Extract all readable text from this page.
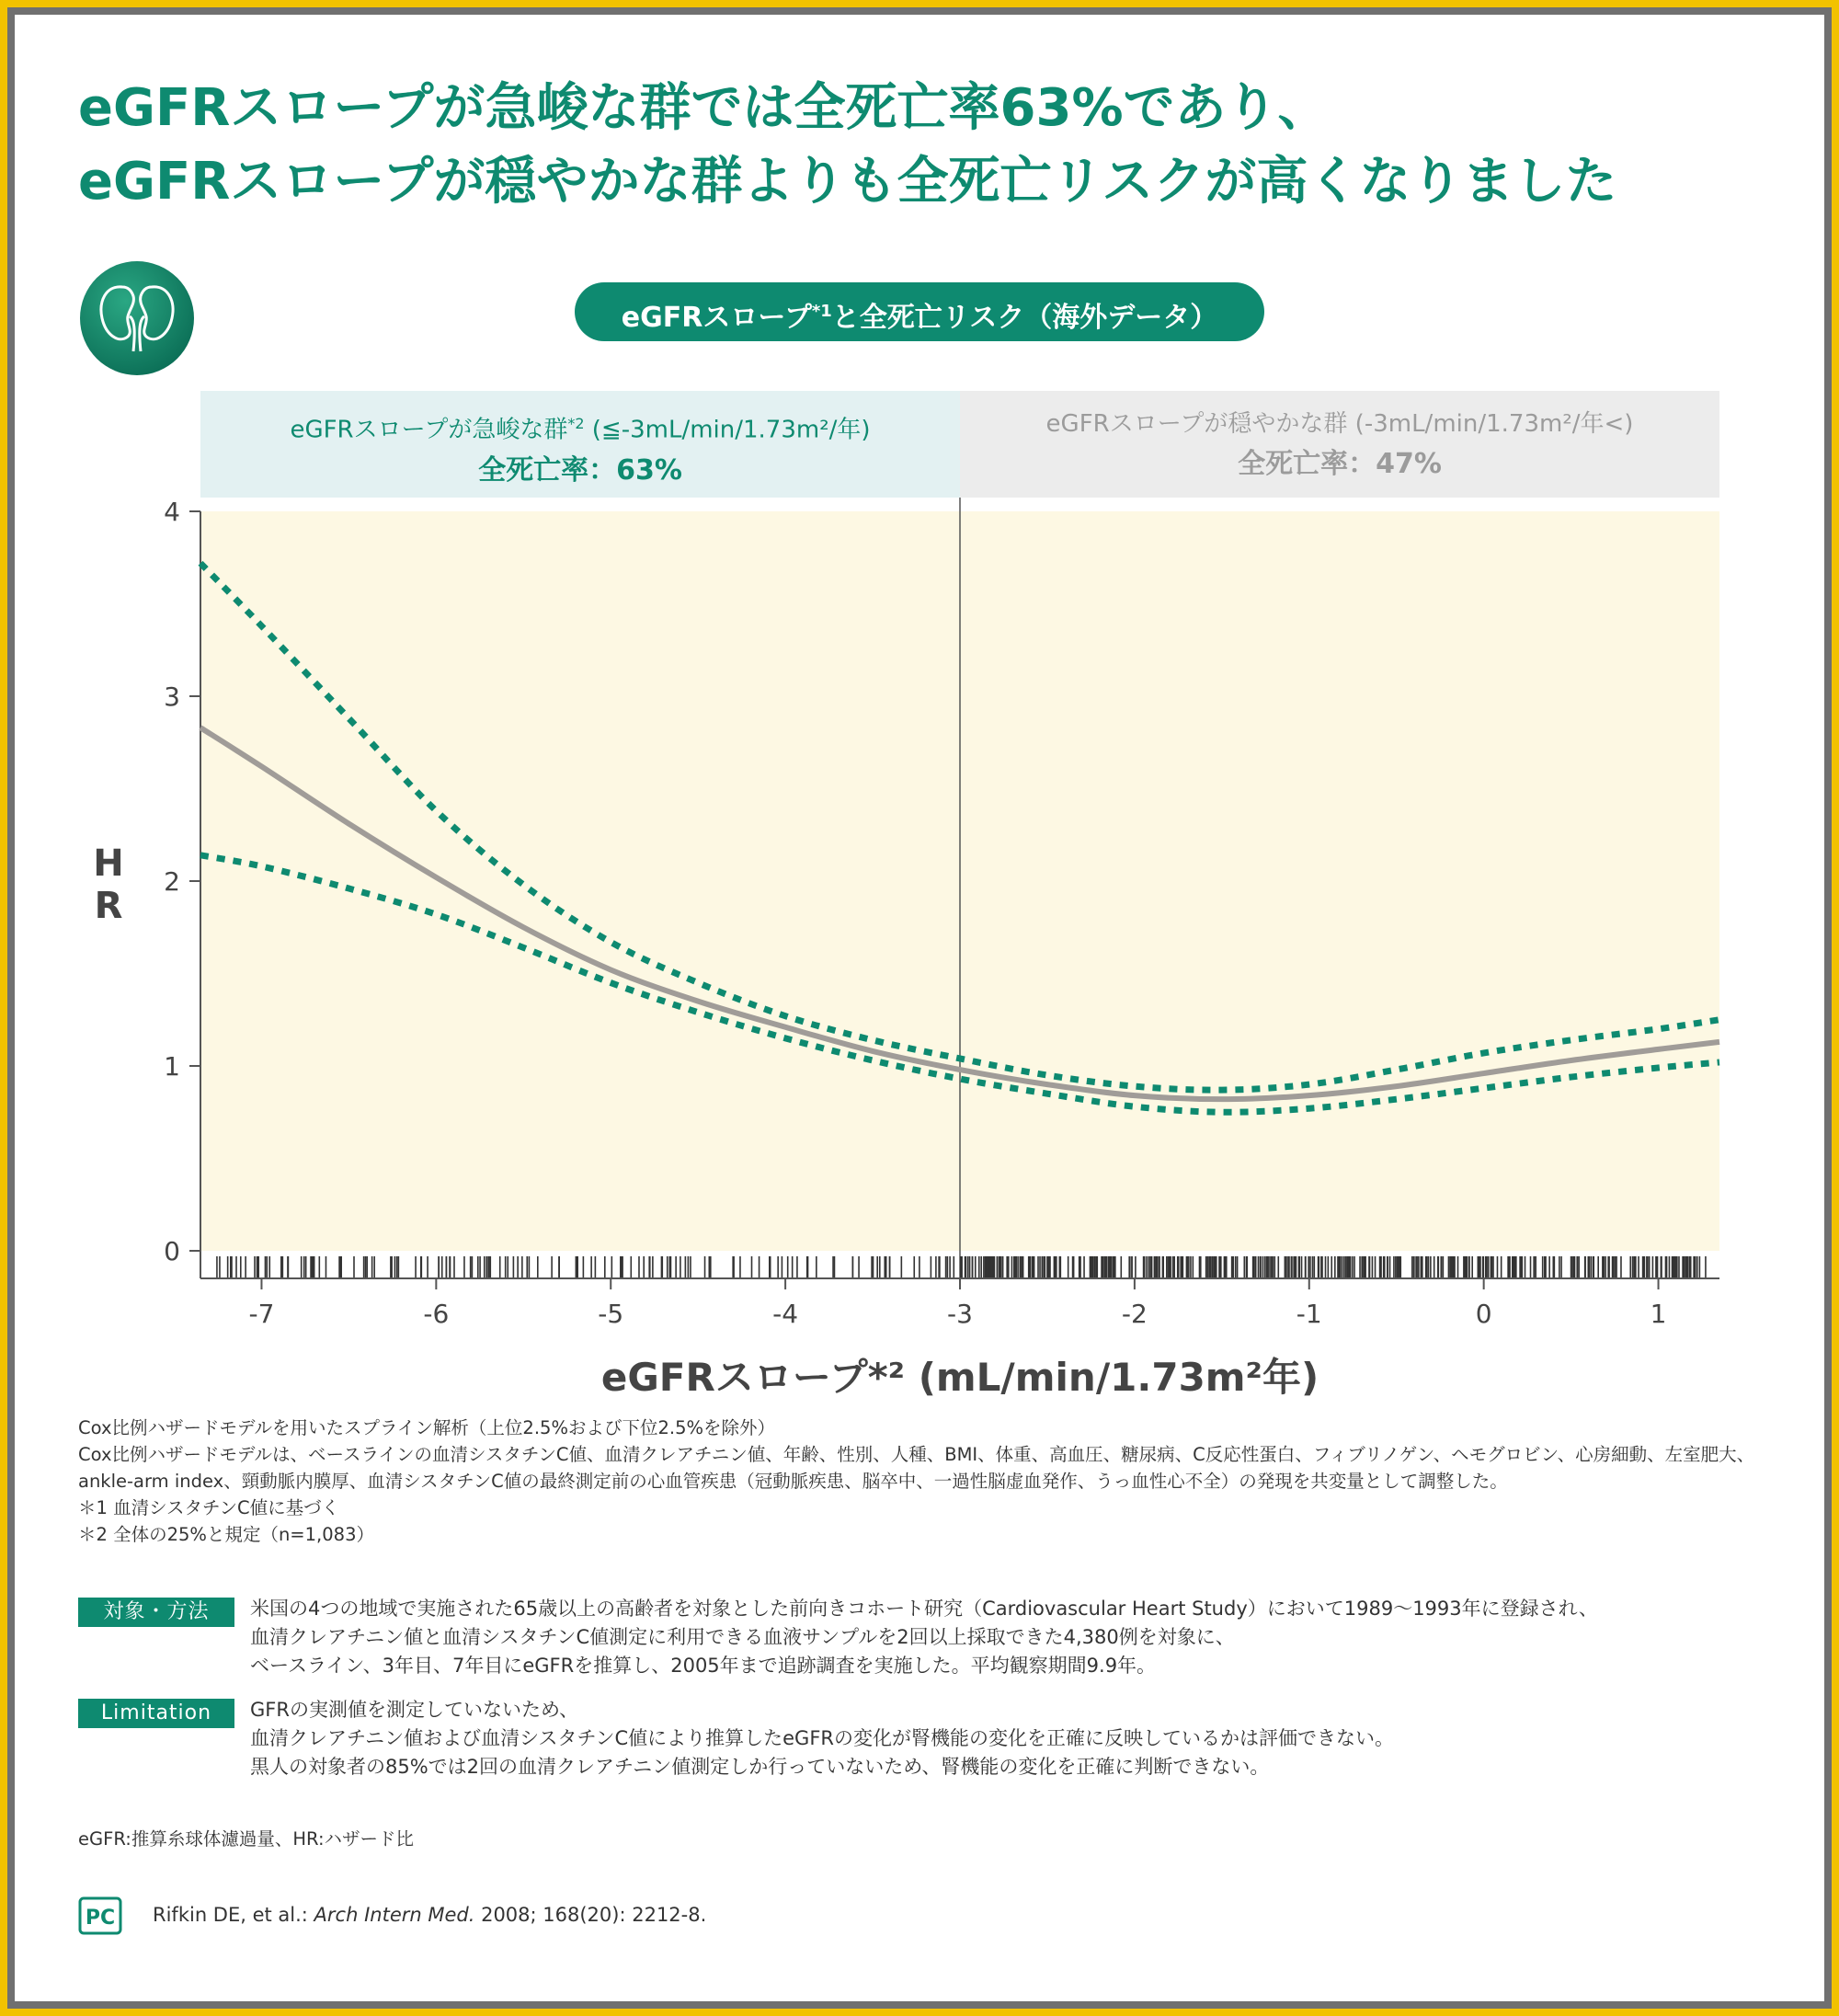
eGFRスロープが急峻な群では全死亡率63%であり、
eGFRスロープが穏やかな群よりも全死亡リスクが高くなりました
eGFRスロープ$^{*1}$と全死亡リスク（海外データ）
eGFRスロープが急峻な群$^{*2}$ (≦-3mL/min/1.73m²/年)
全死亡率：63%
eGFRスロープが穏やかな群 (-3mL/min/1.73m²/年<)
全死亡率：47%
0
1
2
3
4
-7	-6	-5	-4	-3	-2	-1	0	1
H
R
eGFRスロープ*² (mL/min/1.73m²年)
Cox比例ハザードモデルを用いたスプライン解析（上位2.5%および下位2.5%を除外）
Cox比例ハザードモデルは、ベースラインの血清シスタチンC値、血清クレアチニン値、年齢、性別、人種、BMI、体重、高血圧、糖尿病、C反応性蛋白、フィブリノゲン、ヘモグロビン、心房細動、左室肥大、
ankle-arm index、頸動脈内膜厚、血清シスタチンC値の最終測定前の心血管疾患（冠動脈疾患、脳卒中、一過性脳虚血発作、うっ血性心不全）の発現を共変量として調整した。
＊1 血清シスタチンC値に基づく
＊2 全体の25%と規定（n=1,083）
対象・方法	米国の4つの地域で実施された65歳以上の高齢者を対象とした前向きコホート研究（Cardiovascular Heart Study）において1989〜1993年に登録され、
血清クレアチニン値と血清シスタチンC値測定に利用できる血液サンプルを2回以上採取できた4,380例を対象に、
ベースライン、3年目、7年目にeGFRを推算し、2005年まで追跡調査を実施した。平均観察期間9.9年。
Limitation	GFRの実測値を測定していないため、
血清クレアチニン値および血清シスタチンC値により推算したeGFRの変化が腎機能の変化を正確に反映しているかは評価できない。
黒人の対象者の85%では2回の血清クレアチニン値測定しか行っていないため、腎機能の変化を正確に判断できない。
eGFR:推算糸球体濾過量、HR:ハザード比
PC Rifkin DE, et al.: Arch Intern Med. 2008; 168(20): 2212-8.
